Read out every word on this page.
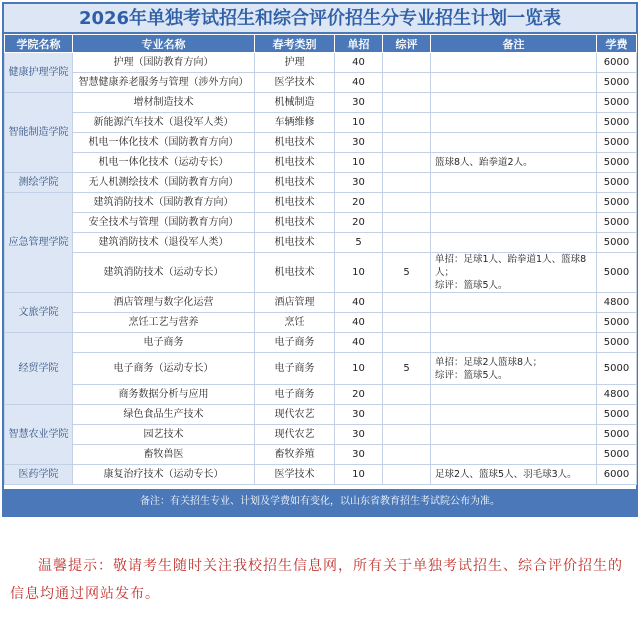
2026年单独考试招生和综合评价招生分专业招生计划一览表
学院名称	专业名称	春考类别	单招	综评	备注	学费
健康护理学院	护理（国防教育方向）	护理	40			6000
	智慧健康养老服务与管理（涉外方向）	医学技术	40			5000
智能制造学院	增材制造技术	机械制造	30			5000
	新能源汽车技术（退役军人类）	车辆维修	10			5000
	机电一体化技术（国防教育方向）	机电技术	30			5000
	机电一体化技术（运动专长）	机电技术	10		篮球8人、跆拳道2人。	5000
测绘学院	无人机测绘技术（国防教育方向）	机电技术	30			5000
应急管理学院	建筑消防技术（国防教育方向）	机电技术	20			5000
	安全技术与管理（国防教育方向）	机电技术	20			5000
	建筑消防技术（退役军人类）	机电技术	5			5000
	建筑消防技术（运动专长）	机电技术	10	5	单招：足球1人、跆拳道1人、篮球8人；
综评：篮球5人。	5000
文旅学院	酒店管理与数字化运营	酒店管理	40			4800
	烹饪工艺与营养	烹饪	40			5000
经贸学院	电子商务	电子商务	40			5000
	电子商务（运动专长）	电子商务	10	5	单招：足球2人篮球8人；
综评：篮球5人。	5000
	商务数据分析与应用	电子商务	20			4800
智慧农业学院	绿色食品生产技术	现代农艺	30			5000
	园艺技术	现代农艺	30			5000
	畜牧兽医	畜牧养殖	30			5000
医药学院	康复治疗技术（运动专长）	医学技术	10		足球2人、篮球5人、羽毛球3人。	6000
备注：有关招生专业、计划及学费如有变化，以山东省教育招生考试院公布为准。
温馨提示：敬请考生随时关注我校招生信息网，所有关于单独考试招生、综合评价招生的信息均通过网站发布。
